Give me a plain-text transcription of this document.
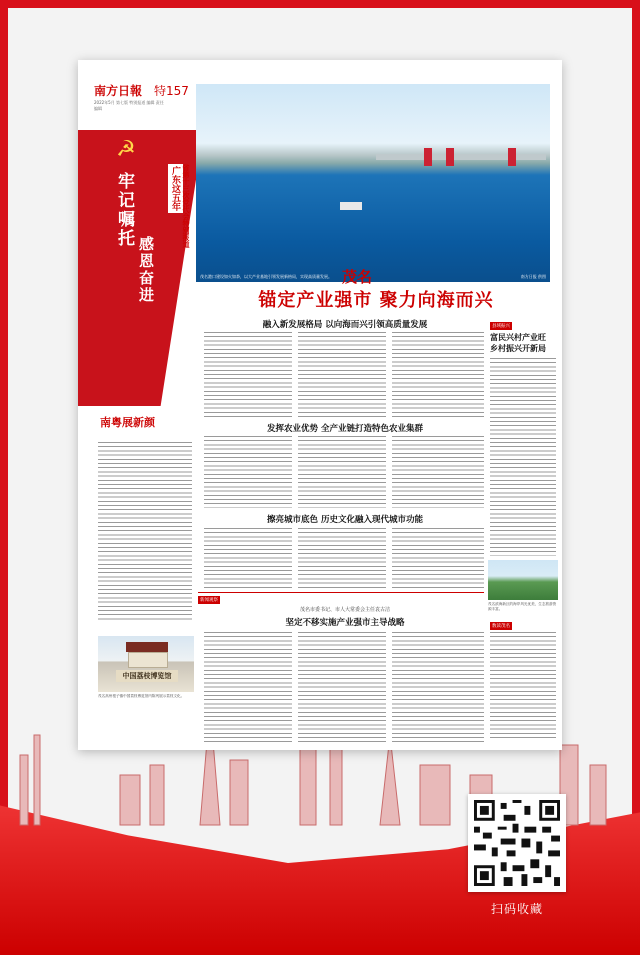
南方日報 特157
2022年5月 第七版 特别报道 编辑 责任编辑
☭
牢记嘱托
感恩奋进
广东这五年 省第十三次党代会特别报道
南粤展新颜
茂名港口建设如火如荼，以大产业基地引领发展新格局，实现高质量发展。	南方日报 供图
茂名
锚定产业强市 聚力向海而兴
融入新发展格局 以向海而兴引领高质量发展
发挥农业优势 全产业链打造特色农业集群
擦亮城市底色 历史文化融入现代城市功能
县域振兴
富民兴村产业旺 乡村振兴开新局
茂名滨海新区的海岸风光优美，生态旅游资源丰富。
数读茂名
新闻观察
茂名市委书记、市人大常委会主任袁古洁
坚定不移实施产业强市主导战略
中国荔枝博览馆
茂名高州根子镇中国荔枝博览馆内陈列展示荔枝文化。
扫码收藏
